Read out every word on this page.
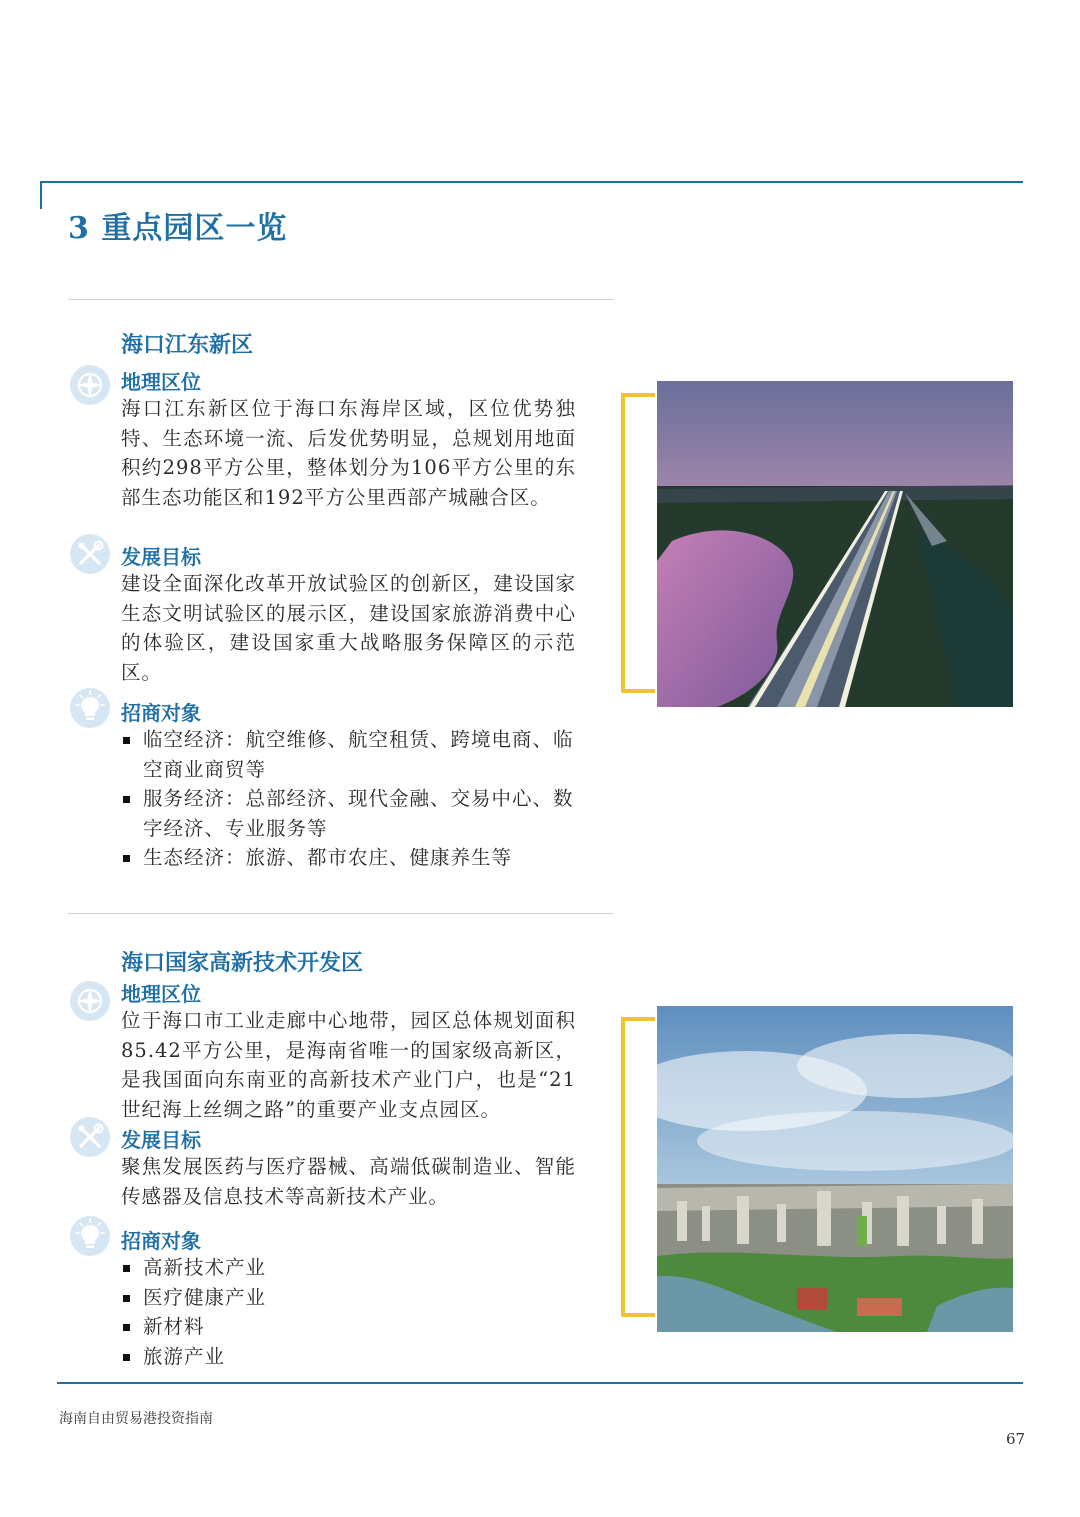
3 重点园区一览
海口江东新区
地理区位
海口江东新区位于海口东海岸区域，区位优势独特、生态环境一流、后发优势明显，总规划用地面积约298平方公里，整体划分为106平方公里的东部生态功能区和192平方公里西部产城融合区。
发展目标
建设全面深化改革开放试验区的创新区，建设国家生态文明试验区的展示区，建设国家旅游消费中心的体验区，建设国家重大战略服务保障区的示范区。
招商对象
临空经济：航空维修、航空租赁、跨境电商、临空商业商贸等
服务经济：总部经济、现代金融、交易中心、数字经济、专业服务等
生态经济：旅游、都市农庄、健康养生等
海口国家高新技术开发区
地理区位
位于海口市工业走廊中心地带，园区总体规划面积85.42平方公里，是海南省唯一的国家级高新区，是我国面向东南亚的高新技术产业门户，也是“21世纪海上丝绸之路”的重要产业支点园区。
发展目标
聚焦发展医药与医疗器械、高端低碳制造业、智能传感器及信息技术等高新技术产业。
招商对象
高新技术产业
医疗健康产业
新材料
旅游产业
海南自由贸易港投资指南
67
